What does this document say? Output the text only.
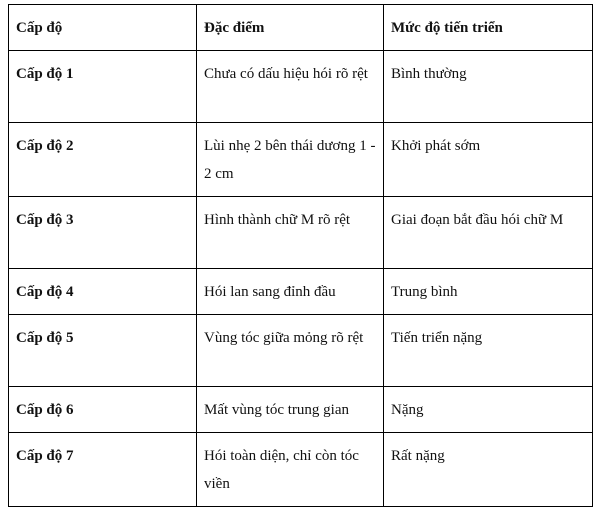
Cấp độ	Đặc điểm	Mức độ tiến triển
Cấp độ 1	Chưa có dấu hiệu hói rõ rệt	Bình thường
Cấp độ 2	Lùi nhẹ 2 bên thái dương 1 - 2 cm	Khởi phát sớm
Cấp độ 3	Hình thành chữ M rõ rệt	Giai đoạn bắt đầu hói chữ M
Cấp độ 4	Hói lan sang đỉnh đầu	Trung bình
Cấp độ 5	Vùng tóc giữa mỏng rõ rệt	Tiến triển nặng
Cấp độ 6	Mất vùng tóc trung gian	Nặng
Cấp độ 7	Hói toàn diện, chỉ còn tóc viền	Rất nặng
